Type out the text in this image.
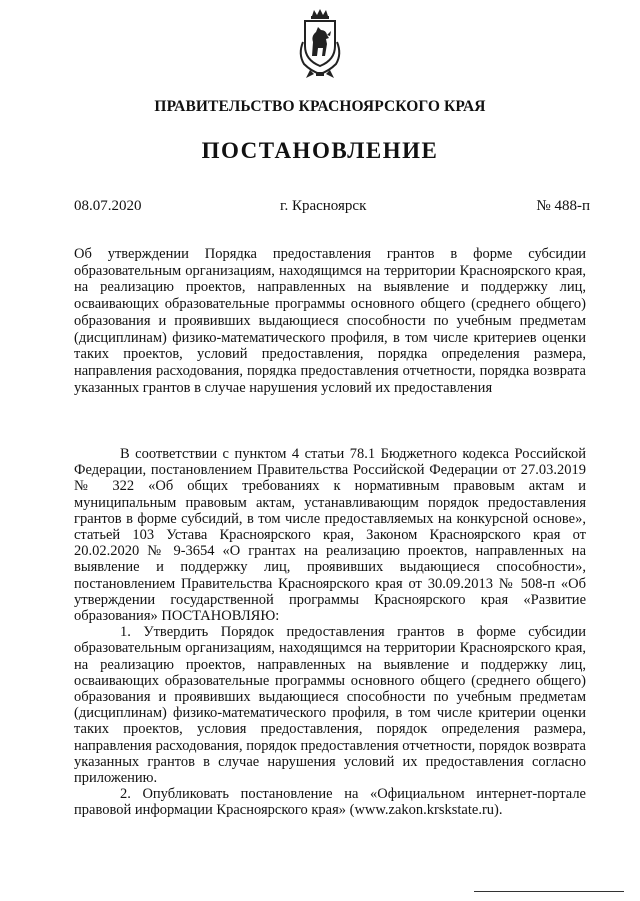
ПРАВИТЕЛЬСТВО КРАСНОЯРСКОГО КРАЯ
ПОСТАНОВЛЕНИЕ
08.07.2020	г. Красноярск	№ 488-п
Об утверждении Порядка предоставления грантов в форме субсидии образовательным организациям, находящимся на территории Красноярского края, на реализацию проектов, направленных на выявление и поддержку лиц, осваивающих образовательные программы основного общего (среднего общего) образования и проявивших выдающиеся способности по учебным предметам (дисциплинам) физико-математического профиля, в том числе критериев оценки таких проектов, условий предоставления, порядка определения размера, направления расходования, порядка предоставления отчетности, порядка возврата указанных грантов в случае нарушения условий их предоставления

В соответствии с пунктом 4 статьи 78.1 Бюджетного кодекса Российской Федерации, постановлением Правительства Российской Федерации от 27.03.2019 № 322 «Об общих требованиях к нормативным правовым актам и муниципальным правовым актам, устанавливающим порядок предоставления грантов в форме субсидий, в том числе предоставляемых на конкурсной основе», статьей 103 Устава Красноярского края, Законом Красноярского края от 20.02.2020 № 9-3654 «О грантах на реализацию проектов, направленных на выявление и поддержку лиц, проявивших выдающиеся способности», постановлением Правительства Красноярского края от 30.09.2013 № 508-п «Об утверждении государственной программы Красноярского края «Развитие образования» ПОСТАНОВЛЯЮ:

1. Утвердить Порядок предоставления грантов в форме субсидии образовательным организациям, находящимся на территории Красноярского края, на реализацию проектов, направленных на выявление и поддержку лиц, осваивающих образовательные программы основного общего (среднего общего) образования и проявивших выдающиеся способности по учебным предметам (дисциплинам) физико-математического профиля, в том числе критерии оценки таких проектов, условия предоставления, порядок определения размера, направления расходования, порядок предоставления отчетности, порядок возврата указанных грантов в случае нарушения условий их предоставления согласно приложению.

2. Опубликовать постановление на «Официальном интернет-портале правовой информации Красноярского края» (www.zakon.krskstate.ru).
